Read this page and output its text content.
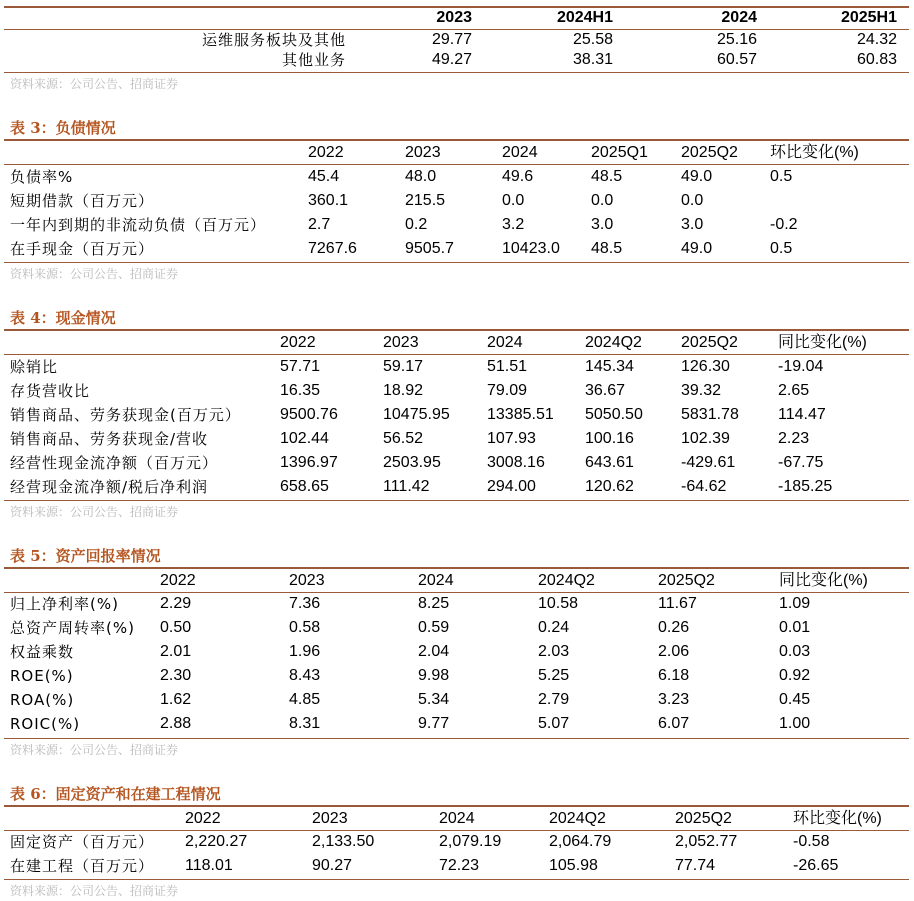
2023	2024H1	2024	2025H1
运维服务板块及其他	29.77	25.58	25.16	24.32
其他业务	49.27	38.31	60.57	60.83
资料来源：公司公告、招商证券
表 3：负债情况
2022	2023	2024	2025Q1 2025Q2 环比变化(%)
负债率%	45.4	48.0	49.6	48.5	49.0	0.5
短期借款（百万元）	360.1	215.5	0.0	0.0	0.0
一年内到期的非流动负债（百万元）	2.7	0.2	3.2	3.0	3.0	-0.2
在手现金（百万元）	7267.6	9505.7	10423.0 48.5	49.0	0.5
资料来源：公司公告、招商证券
表 4：现金情况
2022	2023	2024	2024Q2 2025Q2	同比变化(%)
赊销比	57.71	59.17	51.51	145.34	126.30	-19.04
存货营收比	16.35	18.92	79.09	36.67	39.32	2.65
销售商品、劳务获现金(百万元） 9500.76	10475.95 13385.51 5050.50 5831.78 114.47
销售商品、劳务获现金/营收	102.44	56.52	107.93	100.16	102.39	2.23
经营性现金流净额（百万元）	1396.97	2503.95	3008.16	643.61	-429.61	-67.75
经营现金流净额/税后净利润	658.65	111.42	294.00	120.62	-64.62	-185.25
资料来源：公司公告、招商证券
表 5：资产回报率情况
2022	2023	2024	2024Q2	2025Q2	同比变化(%)
归上净利率(%)	2.29	7.36	8.25	10.58	11.67	1.09
总资产周转率(%) 0.50	0.58	0.59	0.24	0.26	0.01
权益乘数	2.01	1.96	2.04	2.03	2.06	0.03
ROE(%)	2.30	8.43	9.98	5.25	6.18	0.92
ROA(%)	1.62	4.85	5.34	2.79	3.23	0.45
ROIC(%)	2.88	8.31	9.77	5.07	6.07	1.00
资料来源：公司公告、招商证券
表 6：固定资产和在建工程情况
2022	2023	2024	2024Q2	2025Q2	环比变化(%)
固定资产（百万元） 2,220.27	2,133.50	2,079.19	2,064.79	2,052.77	-0.58
在建工程（百万元） 118.01	90.27	72.23	105.98	77.74	-26.65
资料来源：公司公告、招商证券
